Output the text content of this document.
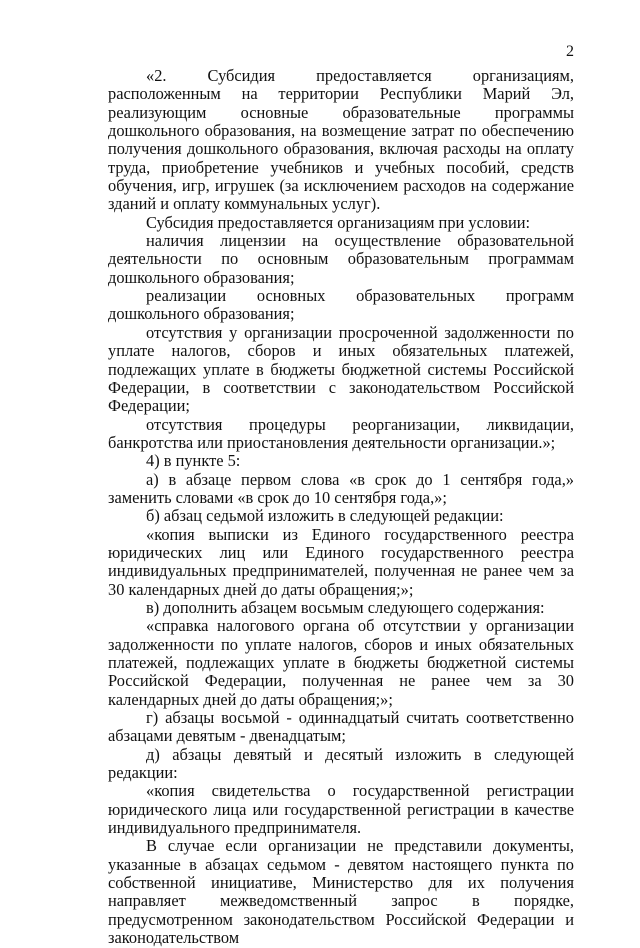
2

«2. Субсидия предоставляется организациям, расположенным на территории Республики Марий Эл, реализующим основные образовательные программы дошкольного образования, на возмещение затрат по обеспечению получения дошкольного образования, включая расходы на оплату труда, приобретение учебников и учебных пособий, средств обучения, игр, игрушек (за исключением расходов на содержание зданий и оплату коммунальных услуг).

Субсидия предоставляется организациям при условии:

наличия лицензии на осуществление образовательной деятельности по основным образовательным программам дошкольного образования;

реализации основных образовательных программ дошкольного образования;

отсутствия у организации просроченной задолженности по уплате налогов, сборов и иных обязательных платежей, подлежащих уплате в бюджеты бюджетной системы Российской Федерации, в соответствии с законодательством Российской Федерации;

отсутствия процедуры реорганизации, ликвидации, банкротства или приостановления деятельности организации.»;

4) в пункте 5:

а) в абзаце первом слова «в срок до 1 сентября года,» заменить словами «в срок до 10 сентября года,»;

б) абзац седьмой изложить в следующей редакции:

«копия выписки из Единого государственного реестра юридических лиц или Единого государственного реестра индивидуальных предпринимателей, полученная не ранее чем за 30 календарных дней до даты обращения;»;

в) дополнить абзацем восьмым следующего содержания:

«справка налогового органа об отсутствии у организации задолженности по уплате налогов, сборов и иных обязательных платежей, подлежащих уплате в бюджеты бюджетной системы Российской Федерации, полученная не ранее чем за 30 календарных дней до даты обращения;»;

г) абзацы восьмой - одиннадцатый считать соответственно абзацами девятым - двенадцатым;

д) абзацы девятый и десятый изложить в следующей редакции:

«копия свидетельства о государственной регистрации юридического лица или государственной регистрации в качестве индивидуального предпринимателя.

В случае если организации не представили документы, указанные в абзацах седьмом - девятом настоящего пункта по собственной инициативе, Министерство для их получения направляет межведомственный запрос в порядке, предусмотренном законодательством Российской Федерации и законодательством
